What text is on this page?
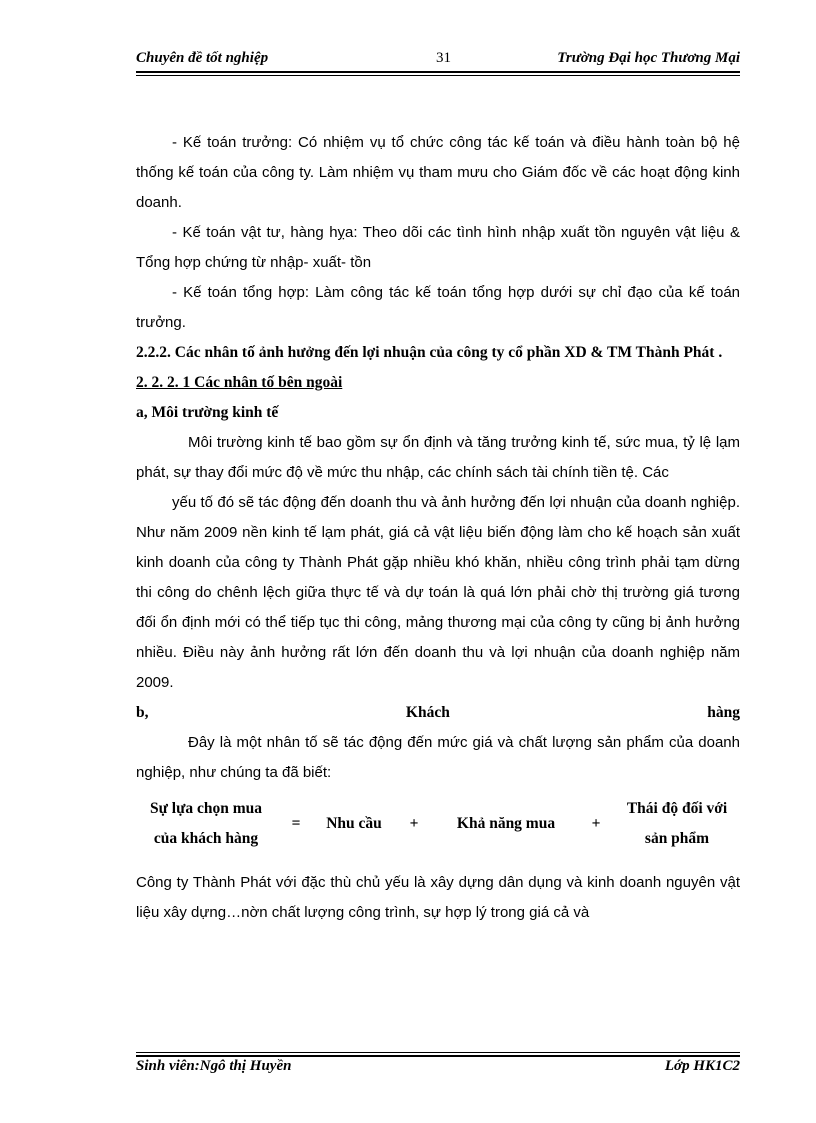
Chuyên đề tốt nghiệp	31	Trường Đại học Thương Mại

- Kế toán trưởng: Có nhiệm vụ tổ chức công tác kế toán và điều hành toàn bộ hệ thống kế toán của công ty. Làm nhiệm vụ tham mưu cho Giám đốc về các hoạt động kinh doanh.

- Kế toán vật tư, hàng hỵa: Theo dõi các tình hình nhập xuất tồn nguyên vật liệu & Tổng hợp chứng từ nhập- xuất- tồn

- Kế toán tổng hợp: Làm công tác kế toán tổng hợp dưới sự chỉ đạo của kế toán trưởng.

2.2.2. Các nhân tố ảnh hưởng đến lợi nhuận của công ty cổ phần XD & TM Thành Phát .

2. 2. 2. 1 Các nhân tố bên ngoài

a, Môi trường kinh tế

Môi trường kinh tế bao gồm sự ổn định và tăng trưởng kinh tế, sức mua, tỷ lệ lạm phát, sự thay đổi mức độ về mức thu nhập, các chính sách tài chính tiền tệ. Các

yếu tố đó sẽ tác động đến doanh thu và ảnh hưởng đến lợi nhuận của doanh nghiệp. Như năm 2009 nền kinh tế lạm phát, giá cả vật liệu biến động làm cho kế hoạch sản xuất kinh doanh của công ty Thành Phát gặp nhiều khó khăn, nhiều công trình phải tạm dừng thi công do chênh lệch giữa thực tế và dự toán là quá lớn phải chờ thị trường giá tương đối ổn định mới có thể tiếp tục thi công, mảng thương mại của công ty cũng bị ảnh hưởng nhiều. Điều này ảnh hưởng rất lớn đến doanh thu và lợi nhuận của doanh nghiệp năm 2009.

b,	Khách	hàng

Đây là một nhân tố sẽ tác động đến mức giá và chất lượng sản phẩm của doanh nghiệp, như chúng ta đã biết:

Sự lựa chọn mua
của khách hàng
=	Nhu cầu	+	Khả năng mua	+
Thái độ đối với
sản phẩm

Công ty Thành Phát với đặc thù chủ yếu là xây dựng dân dụng và kinh doanh nguyên vật liệu xây dựng…nờn chất lượng công trình, sự hợp lý trong giá cả và

Sinh viên:Ngô thị Huyền	Lớp HK1C2
